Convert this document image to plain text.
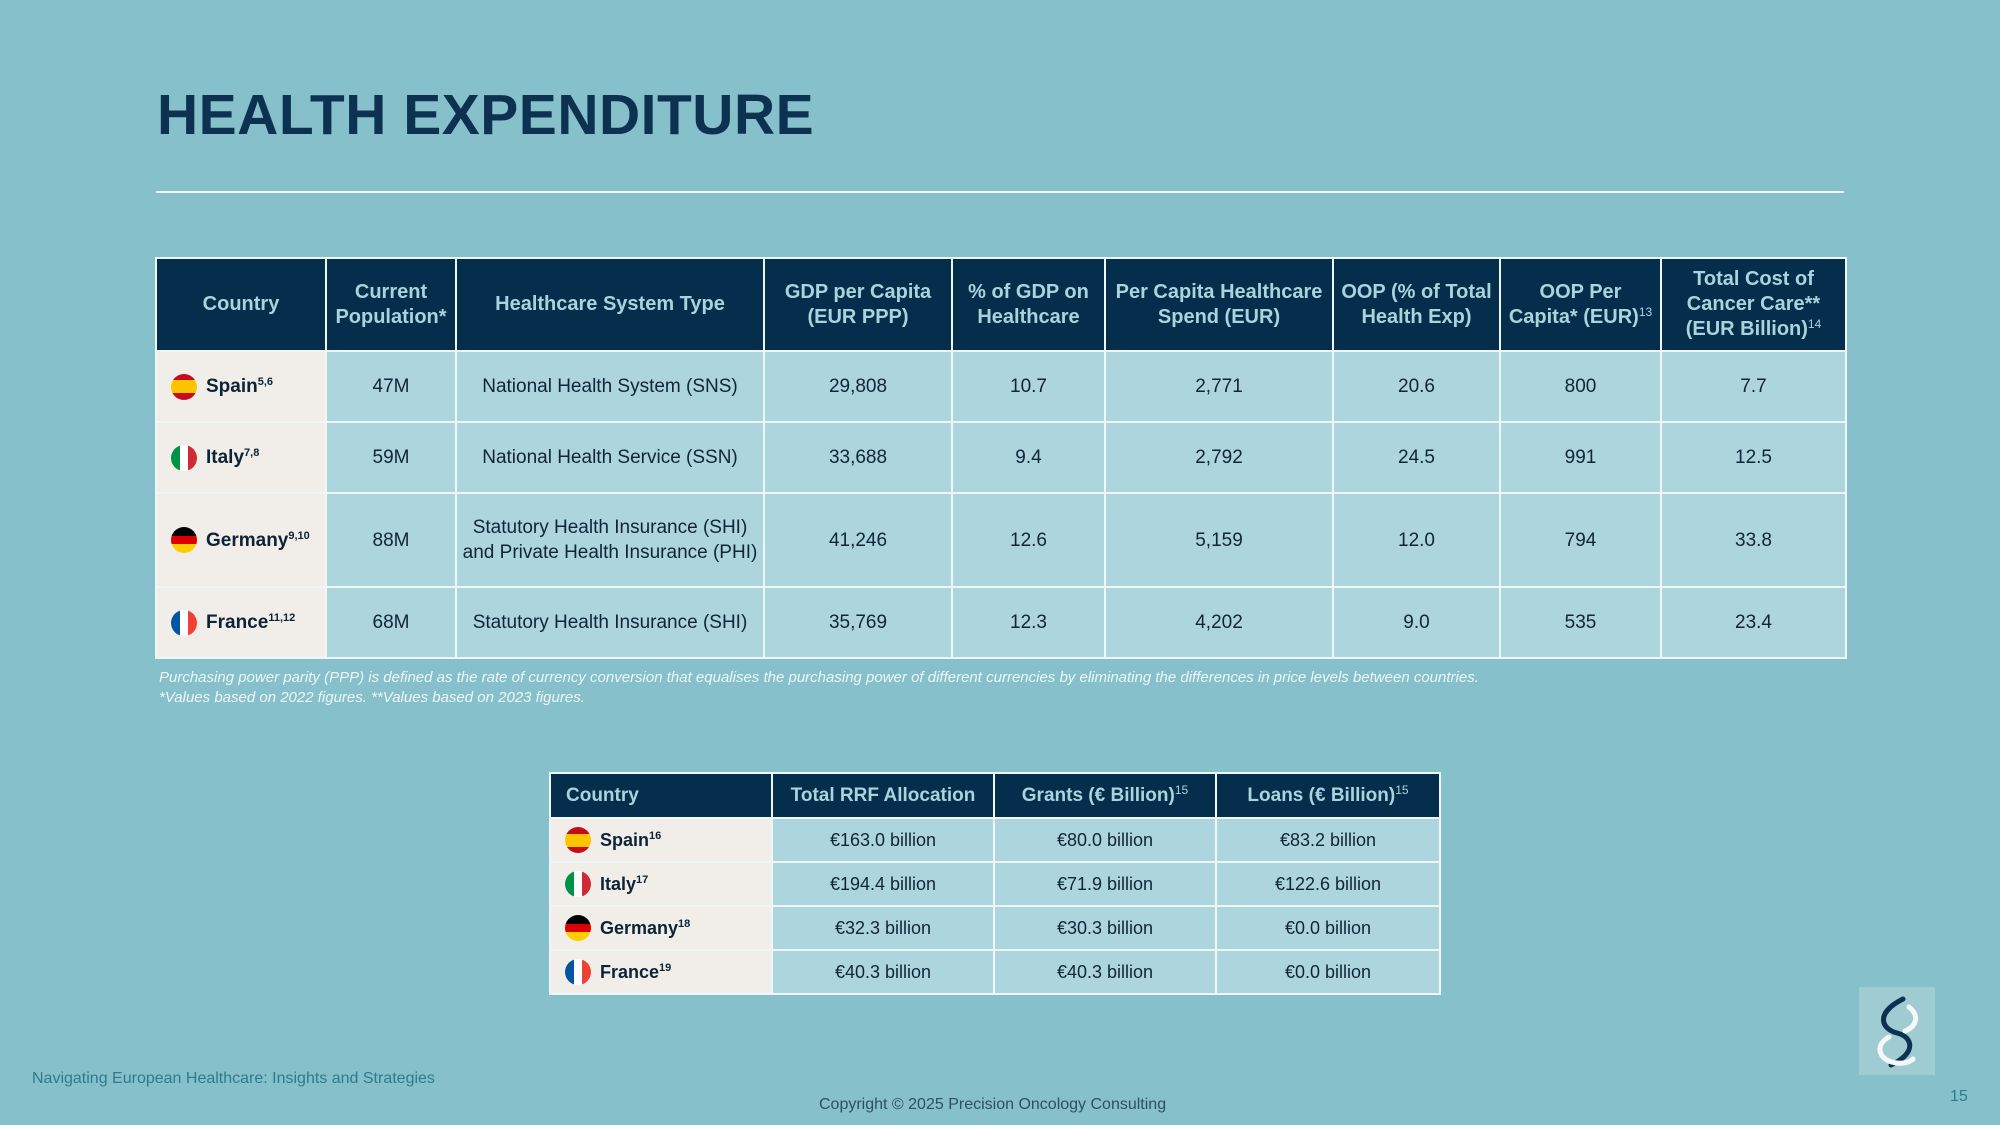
HEALTH EXPENDITURE
Country	Current Population*	Healthcare System Type	GDP per Capita (EUR PPP)	% of GDP on Healthcare	Per Capita Healthcare Spend (EUR)	OOP (% of Total Health Exp)	OOP Per Capita* (EUR)$^{13}$	Total Cost of Cancer Care** (EUR Billion)$^{14}$

Spain$^{5,6}$	47M	National Health System (SNS)	29,808	10.7	2,771	20.6	800	7.7

Italy$^{7,8}$	59M	National Health Service (SSN)	33,688	9.4	2,792	24.5	991	12.5

Germany$^{9,10}$	88M	Statutory Health Insurance (SHI) and Private Health Insurance (PHI)	41,246	12.6	5,159	12.0	794	33.8

France$^{11,12}$	68M	Statutory Health Insurance (SHI)	35,769	12.3	4,202	9.0	535	23.4
Purchasing power parity (PPP) is defined as the rate of currency conversion that equalises the purchasing power of different currencies by eliminating the differences in price levels between countries.
*Values based on 2022 figures. **Values based on 2023 figures.
Country	Total RRF Allocation	Grants (€ Billion)$^{15}$	Loans (€ Billion)$^{15}$

Spain$^{16}$	€163.0 billion	€80.0 billion	€83.2 billion

Italy$^{17}$	€194.4 billion	€71.9 billion	€122.6 billion

Germany$^{18}$	€32.3 billion	€30.3 billion	€0.0 billion

France$^{19}$	€40.3 billion	€40.3 billion	€0.0 billion
Navigating European Healthcare: Insights and Strategies
Copyright © 2025 Precision Oncology Consulting	15
